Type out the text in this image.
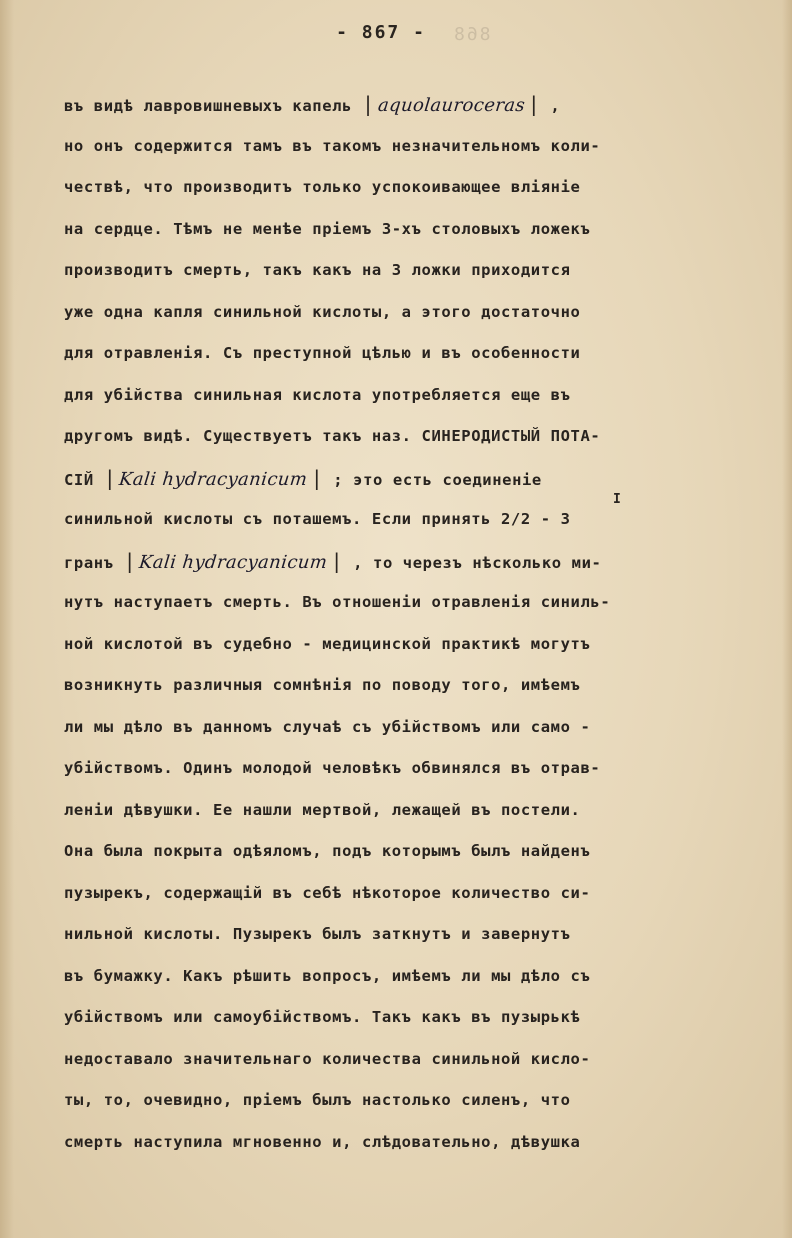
868
- 867 -
въ видѣ лавровишневыхъ капель | aquolauroceras| ,
но онъ содержится тамъ въ такомъ незначительномъ коли-
чествѣ, что производитъ только успокоивающее вліяніе
на сердце. Тѣмъ не менѣе пріемъ 3-хъ столовыхъ ложекъ
производитъ смерть, такъ какъ на 3 ложки приходится
уже одна капля синильной кислоты, а этого достаточно
для отравленія. Съ преступной цѣлью и въ особенности
для убійства синильная кислота употребляется еще въ
другомъ видѣ. Существуетъ такъ наз. СИНЕРОДИСТЫЙ ПОТА-
СІЙ | Kali hydracyanicum| ; это есть соединеніе
синильной кислоты съ поташемъ. Если принять 2/2 - 3
I
гранъ | Kali hydracyanicum| , то черезъ нѣсколько ми-
нутъ наступаетъ смерть. Въ отношеніи отравленія синиль-
ной кислотой въ судебно - медицинской практикѣ могутъ
возникнуть различныя сомнѣнія по поводу того, имѣемъ
ли мы дѣло въ данномъ случаѣ съ убійствомъ или само -
убійствомъ. Одинъ молодой человѣкъ обвинялся въ отрав-
леніи дѣвушки. Ее нашли мертвой, лежащей въ постели.
Она была покрыта одѣяломъ, подъ которымъ былъ найденъ
пузырекъ, содержащій въ себѣ нѣкоторое количество си-
нильной кислоты. Пузырекъ былъ заткнутъ и завернутъ
въ бумажку. Какъ рѣшить вопросъ, имѣемъ ли мы дѣло съ
убійствомъ или самоубійствомъ. Такъ какъ въ пузырькѣ
недоставало значительнаго количества синильной кисло-
ты, то, очевидно, пріемъ былъ настолько силенъ, что
смерть наступила мгновенно и, слѣдовательно, дѣвушка
